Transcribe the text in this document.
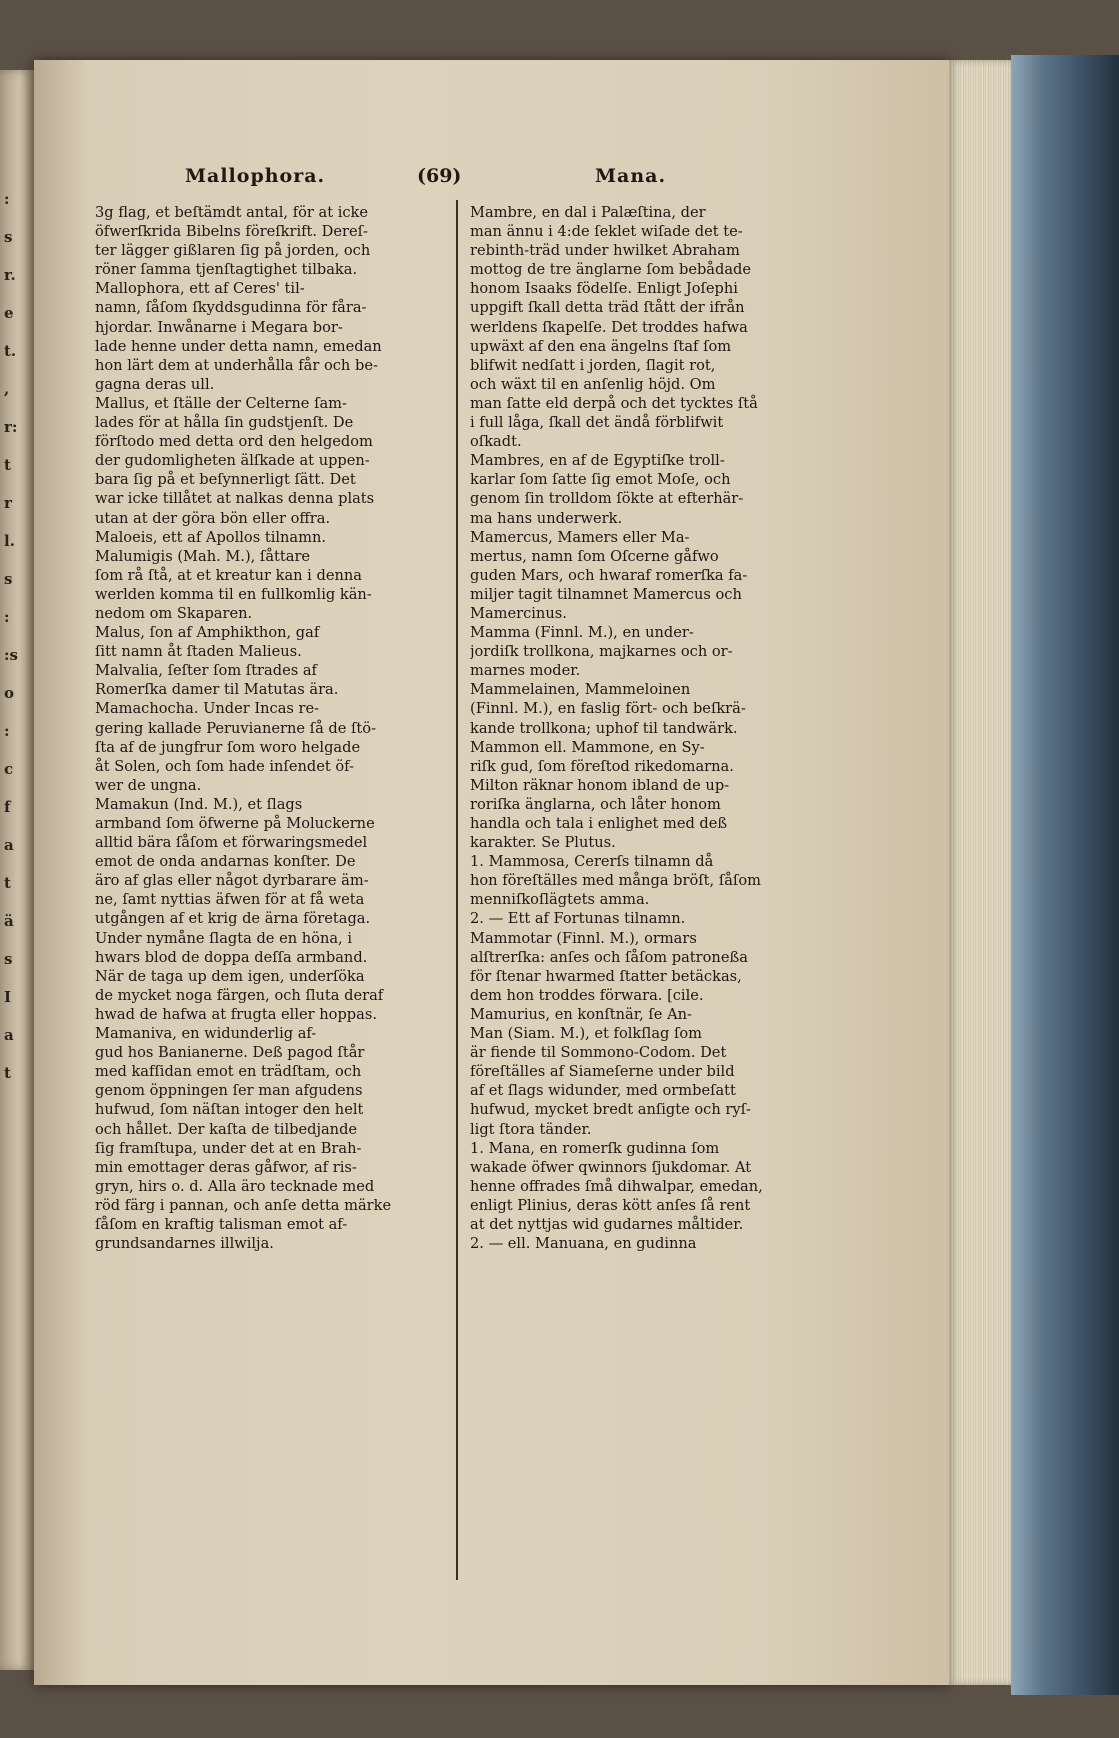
:
s
r.
e
t.
,
r:
t
r
l.
s
:
:s
o
:
c
f
a
t
ä
s
I
a
t
Mallophora.	(69)	Mana.
3g flag, et beſtämdt antal, för at icke
öfwerſkrida Bibelns föreſkrift. Dereſ-
ter lägger gißlaren ſig på jorden, och
röner ſamma tjenſtagtighet tilbaka.
Mallophora, ett af Ceres' til-
namn, ſåſom ſkyddsgudinna för fåra-
hjordar. Inwånarne i Megara bor-
lade henne under detta namn, emedan
hon lärt dem at underhålla får och be-
gagna deras ull.
Mallus, et ſtälle der Celterne ſam-
lades för at hålla ſin gudstjenſt. De
förſtodo med detta ord den helgedom
der gudomligheten älſkade at uppen-
bara ſig på et beſynnerligt ſätt. Det
war icke tillåtet at nalkas denna plats
utan at der göra bön eller offra.
Maloeis, ett af Apollos tilnamn.
Malumigis (Mah. M.), ſåttare
ſom rå ſtå, at et kreatur kan i denna
werlden komma til en fullkomlig kän-
nedom om Skaparen.
Malus, ſon af Amphikthon, gaf
ſitt namn åt ſtaden Malieus.
Malvalia, ſeſter ſom ſtrades af
Romerſka damer til Matutas ära.
Mamachocha. Under Incas re-
gering kallade Peruvianerne ſå de ſtö-
ſta af de jungfrur ſom woro helgade
åt Solen, och ſom hade inſendet öf-
wer de ungna.
Mamakun (Ind. M.), et ſlags
armband ſom öfwerne på Moluckerne
alltid bära ſåſom et förwaringsmedel
emot de onda andarnas konſter. De
äro af glas eller något dyrbarare äm-
ne, ſamt nyttias äfwen för at få weta
utgången af et krig de ärna företaga.
Under nymåne ſlagta de en höna, i
hwars blod de doppa deſſa armband.
När de taga up dem igen, underſöka
de mycket noga färgen, och ſluta deraf
hwad de hafwa at frugta eller hoppas.
Mamaniva, en widunderlig af-
gud hos Banianerne. Deß pagod ſtår
med kafſidan emot en trädſtam, och
genom öppningen ſer man afgudens
hufwud, ſom näſtan intoger den helt
och hållet. Der kaſta de tilbedjande
ſig framſtupa, under det at en Brah-
min emottager deras gåfwor, af ris-
gryn, hirs o. d. Alla äro tecknade med
röd färg i pannan, och anſe detta märke
ſåſom en kraftig talisman emot af-
grundsandarnes illwilja.
Mambre, en dal i Palæſtina, der
man ännu i 4:de ſeklet wiſade det te-
rebinth-träd under hwilket Abraham
mottog de tre änglarne ſom bebådade
honom Isaaks födelſe. Enligt Joſephi
uppgift ſkall detta träd ſtått der ifrån
werldens ſkapelſe. Det troddes hafwa
upwäxt af den ena ängelns ſtaf ſom
blifwit nedſatt i jorden, ſlagit rot,
och wäxt til en anſenlig höjd. Om
man ſatte eld derpå och det tycktes ſtå
i full låga, ſkall det ändå förblifwit
oſkadt.
Mambres, en af de Egyptiſke troll-
karlar ſom ſatte ſig emot Moſe, och
genom ſin trolldom ſökte at efterhär-
ma hans underwerk.
Mamercus, Mamers eller Ma-
mertus, namn ſom Oſcerne gåfwo
guden Mars, och hwaraf romerſka fa-
miljer tagit tilnamnet Mamercus och
Mamercinus.
Mamma (Finnl. M.), en under-
jordiſk trollkona, majkarnes och or-
marnes moder.
Mammelainen, Mammeloinen
(Finnl. M.), en faslig fört- och beſkrä-
kande trollkona; uphof til tandwärk.
Mammon ell. Mammone, en Sy-
riſk gud, ſom föreſtod rikedomarna.
Milton räknar honom ibland de up-
roriſka änglarna, och låter honom
handla och tala i enlighet med deß
karakter. Se Plutus.
1. Mammosa, Cererſs tilnamn då
hon föreſtälles med många bröſt, ſåſom
menniſkoſlägtets amma.
2. — Ett af Fortunas tilnamn.
Mammotar (Finnl. M.), ormars
alſtrerſka: anſes och ſåſom patroneßa
för ſtenar hwarmed ſtatter betäckas,
dem hon troddes förwara. [cile.
Mamurius, en konſtnär, ſe An-
Man (Siam. M.), et folkſlag ſom
är fiende til Sommono-Codom. Det
föreſtälles af Siameſerne under bild
af et ſlags widunder, med ormbeſatt
hufwud, mycket bredt anſigte och ryſ-
ligt ſtora tänder.
1. Mana, en romerſk gudinna ſom
wakade öfwer qwinnors ſjukdomar. At
henne offrades ſmå dihwalpar, emedan,
enligt Plinius, deras kött anſes ſå rent
at det nyttjas wid gudarnes måltider.
2. — ell. Manuana, en gudinna
